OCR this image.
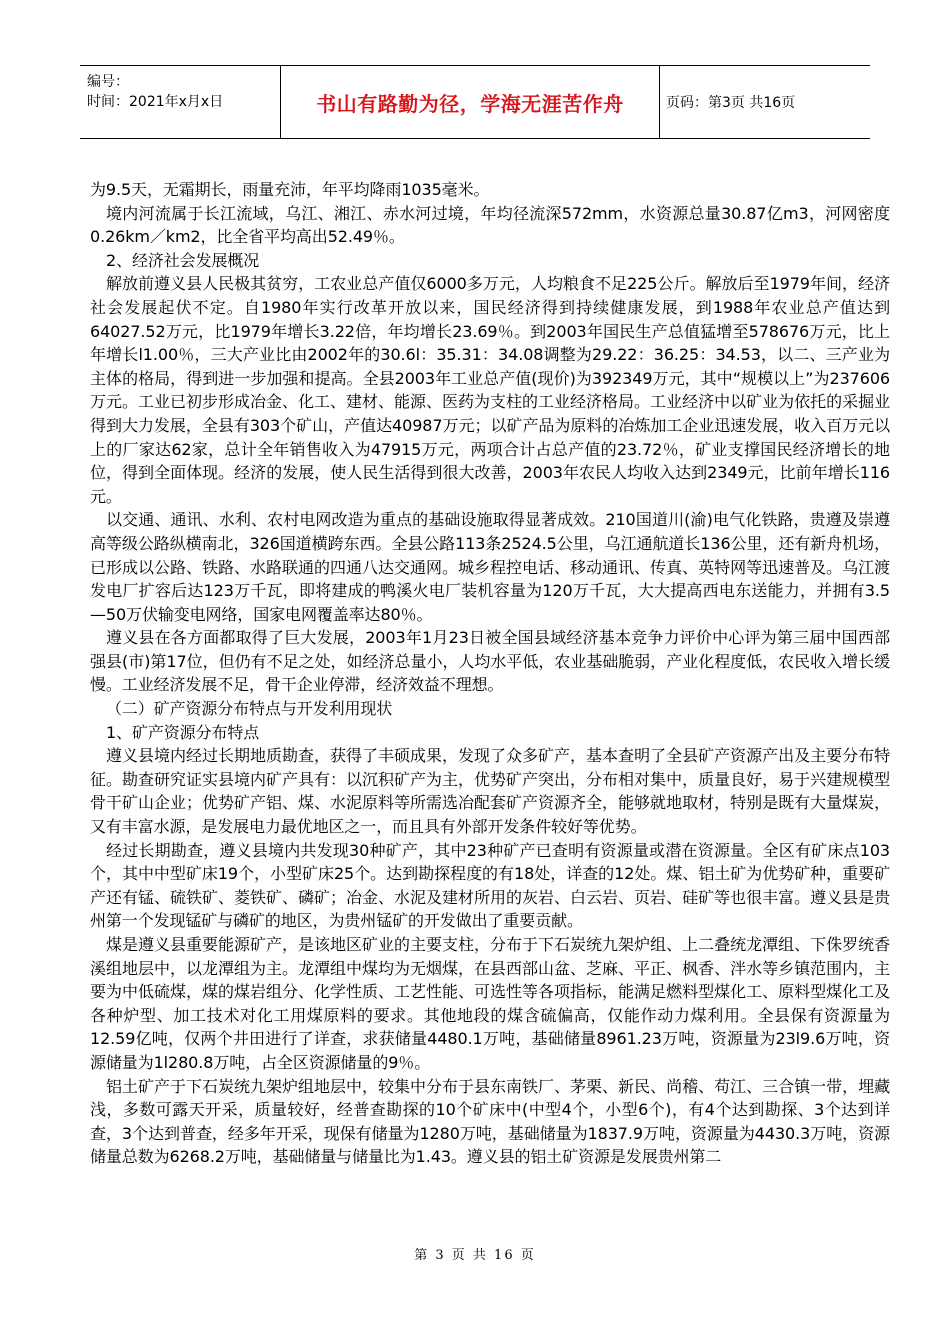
编号：
时间：2021年x月x日	书山有路勤为径，学海无涯苦作舟	页码：第3页 共16页

为9.5天，无霜期长，雨量充沛，年平均降雨1035毫米。

境内河流属于长江流域，乌江、湘江、赤水河过境，年均径流深572mm，水资源总量30.87亿m3，河网密度0.26km／km2，比全省平均高出52.49％。

2、经济社会发展概况

解放前遵义县人民极其贫穷，工农业总产值仅6000多万元，人均粮食不足225公斤。解放后至1979年间，经济社会发展起伏不定。自1980年实行改革开放以来，国民经济得到持续健康发展，到1988年农业总产值达到64027.52万元，比1979年增长3.22倍，年均增长23.69％。到2003年国民生产总值猛增至578676万元，比上年增长l1.00％，三大产业比由2002年的30.6l：35.31：34.08调整为29.22：36.25：34.53，以二、三产业为主体的格局，得到进一步加强和提高。全县2003年工业总产值(现价)为392349万元，其中“规模以上”为237606万元。工业已初步形成冶金、化工、建材、能源、医药为支柱的工业经济格局。工业经济中以矿业为依托的采掘业得到大力发展，全县有303个矿山，产值达40987万元；以矿产品为原料的冶炼加工企业迅速发展，收入百万元以上的厂家达62家，总计全年销售收入为47915万元，两项合计占总产值的23.72％，矿业支撑国民经济增长的地位，得到全面体现。经济的发展，使人民生活得到很大改善，2003年农民人均收入达到2349元，比前年增长116元。

以交通、通讯、水利、农村电网改造为重点的基础设施取得显著成效。210国道川(渝)电气化铁路，贵遵及崇遵高等级公路纵横南北，326国道横跨东西。全县公路113条2524.5公里，乌江通航道长136公里，还有新舟机场，已形成以公路、铁路、水路联通的四通八达交通网。城乡程控电话、移动通讯、传真、英特网等迅速普及。乌江渡发电厂扩容后达123万千瓦，即将建成的鸭溪火电厂装机容量为120万千瓦，大大提高西电东送能力，并拥有3.5—50万伏输变电网络，国家电网覆盖率达80％。

遵义县在各方面都取得了巨大发展，2003年1月23日被全国县域经济基本竞争力评价中心评为第三届中国西部强县(市)第17位，但仍有不足之处，如经济总量小，人均水平低，农业基础脆弱，产业化程度低，农民收入增长缓慢。工业经济发展不足，骨干企业停滞，经济效益不理想。

（二）矿产资源分布特点与开发利用现状

1、矿产资源分布特点

遵义县境内经过长期地质勘查，获得了丰硕成果，发现了众多矿产，基本查明了全县矿产资源产出及主要分布特征。勘查研究证实县境内矿产具有：以沉积矿产为主，优势矿产突出，分布相对集中，质量良好，易于兴建规模型骨干矿山企业；优势矿产铝、煤、水泥原料等所需选冶配套矿产资源齐全，能够就地取材，特别是既有大量煤炭，又有丰富水源，是发展电力最优地区之一，而且具有外部开发条件较好等优势。

经过长期勘查，遵义县境内共发现30种矿产，其中23种矿产已查明有资源量或潜在资源量。全区有矿床点103个，其中中型矿床19个，小型矿床25个。达到勘探程度的有18处，详查的12处。煤、铝土矿为优势矿种，重要矿产还有锰、硫铁矿、菱铁矿、磷矿；冶金、水泥及建材所用的灰岩、白云岩、页岩、硅矿等也很丰富。遵义县是贵州第一个发现锰矿与磷矿的地区，为贵州锰矿的开发做出了重要贡献。

煤是遵义县重要能源矿产，是该地区矿业的主要支柱，分布于下石炭统九架炉组、上二叠统龙潭组、下侏罗统香溪组地层中，以龙潭组为主。龙潭组中煤均为无烟煤，在县西部山盆、芝麻、平正、枫香、泮水等乡镇范围内，主要为中低硫煤，煤的煤岩组分、化学性质、工艺性能、可选性等各项指标，能满足燃料型煤化工、原料型煤化工及各种炉型、加工技术对化工用煤原料的要求。其他地段的煤含硫偏高，仅能作动力煤利用。全县保有资源量为12.59亿吨，仅两个井田进行了详查，求获储量4480.1万吨，基础储量8961.23万吨，资源量为23l9.6万吨，资源储量为1l280.8万吨，占全区资源储量的9％。

铝土矿产于下石炭统九架炉组地层中，较集中分布于县东南铁厂、茅栗、新民、尚稽、苟江、三合镇一带，埋藏浅，多数可露天开采，质量较好，经普查勘探的10个矿床中(中型4个，小型6个)，有4个达到勘探、3个达到详查，3个达到普查，经多年开采，现保有储量为1280万吨，基础储量为1837.9万吨，资源量为4430.3万吨，资源储量总数为6268.2万吨，基础储量与储量比为1.43。遵义县的铝土矿资源是发展贵州第二

第 3 页 共 16 页
